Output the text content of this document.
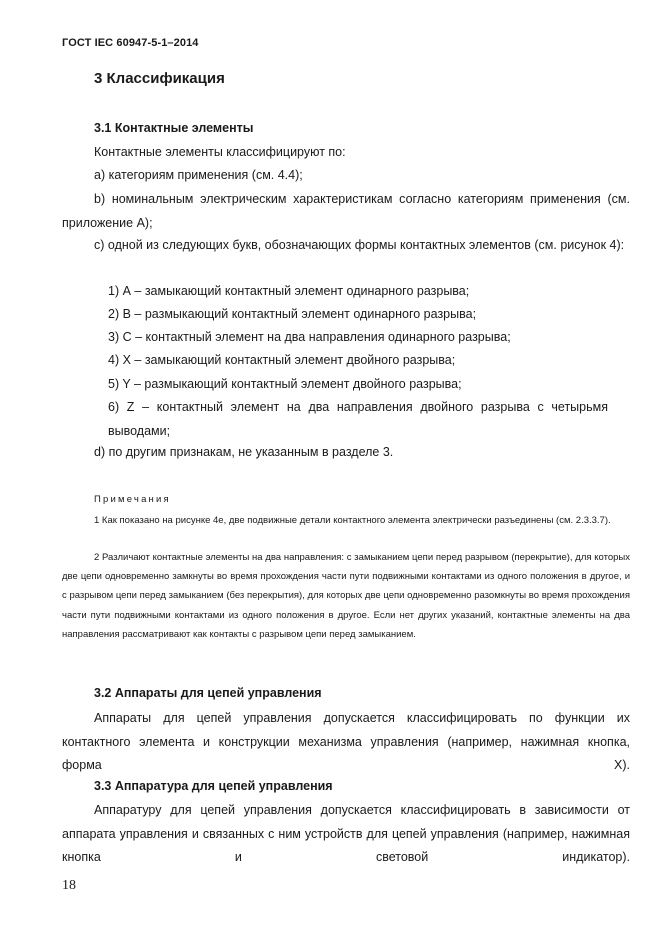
ГОСТ IEC 60947-5-1–2014
3 Классификация
3.1 Контактные элементы
Контактные элементы классифицируют по:
a) категориям применения (см. 4.4);
b) номинальным электрическим характеристикам согласно категориям применения (см. приложение А);
c) одной из следующих букв, обозначающих формы контактных элементов (см. рисунок 4):
1) А – замыкающий контактный элемент одинарного разрыва;
2) В – размыкающий контактный элемент одинарного разрыва;
3) С – контактный элемент на два направления одинарного разрыва;
4) Х – замыкающий контактный элемент двойного разрыва;
5) Y – размыкающий контактный элемент двойного разрыва;
6) Z – контактный элемент на два направления двойного разрыва с четырьмя выводами;
d) по другим признакам, не указанным в разделе 3.
Примечания
1 Как показано на рисунке 4е, две подвижные детали контактного элемента электрически разъединены (см. 2.3.3.7).
2 Различают контактные элементы на два направления: с замыканием цепи перед разрывом (перекрытие), для которых две цепи одновременно замкнуты во время прохождения части пути подвижными контактами из одного положения в другое, и с разрывом цепи перед замыканием (без перекрытия), для которых две цепи одновременно разомкнуты во время прохождения части пути подвижными контактами из одного положения в другое. Если нет других указаний, контактные элементы на два направления рассматривают как контакты с разрывом цепи перед замыканием.
3.2 Аппараты для цепей управления
Аппараты для цепей управления допускается классифицировать по функции их контактного элемента и конструкции механизма управления (например, нажимная кнопка, форма X).
3.3 Аппаратура для цепей управления
Аппаратуру для цепей управления допускается классифицировать в зависимости от аппарата управления и связанных с ним устройств для цепей управления (например, нажимная кнопка и световой индикатор).
18
